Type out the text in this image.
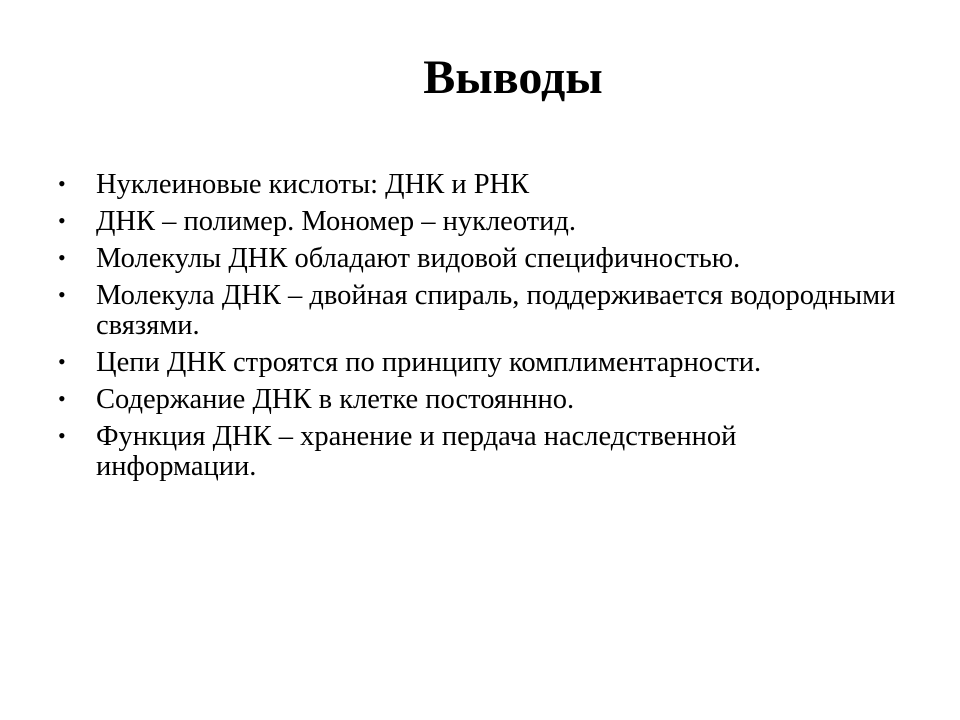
Выводы
• Нуклеиновые кислоты: ДНК и РНК
• ДНК – полимер. Мономер – нуклеотид.
• Молекулы ДНК обладают видовой специфичностью.
• Молекула ДНК – двойная спираль, поддерживается водородными связями.
• Цепи ДНК строятся по принципу комплиментарности.
• Содержание ДНК в клетке постояннно.
• Функция ДНК – хранение и пердача наследственной информации.
